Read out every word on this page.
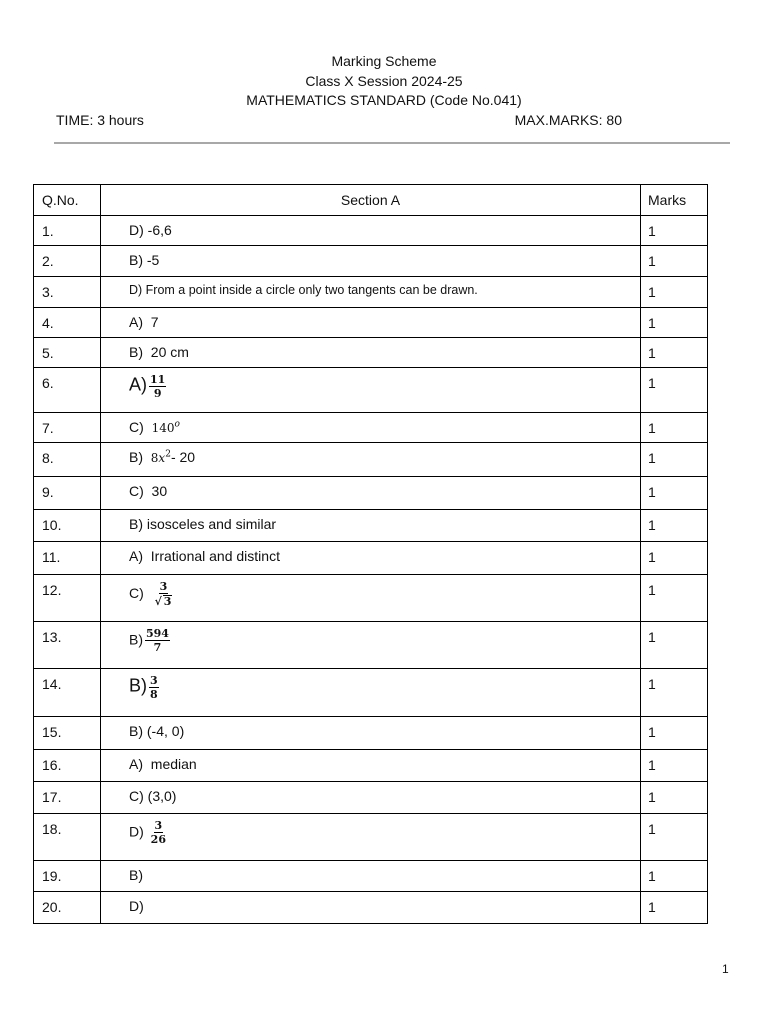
Marking Scheme
Class X Session 2024-25
MATHEMATICS STANDARD (Code No.041)
TIME: 3 hours	MAX.MARKS: 80
Q.No.	Section A	Marks
1.	D) -6,6	1
2.	B) -5	1
3.	D) From a point inside a circle only two tangents can be drawn.	1
4.	A)  7	1
5.	B)  20 cm	1
6.	$A) \frac{11}{9}$	1
7.	C) 140$^o$	1
8.	B) $8x^2-$ 20	1
9.	C)  30	1
10.	B) isosceles and similar	1
11.	A)  Irrational and distinct	1
12.	$C) \frac{3}{√ 3}$	1
13.	$B) \frac{594}{7}$	1
14.	$B) \frac{3}{8}$	1
15.	B) (-4, 0)	1
16.	A)  median	1
17.	C) (3,0)	1
18.	$D) \frac{3}{26}$	1
19.	B)	1
20.	D)	1
1
